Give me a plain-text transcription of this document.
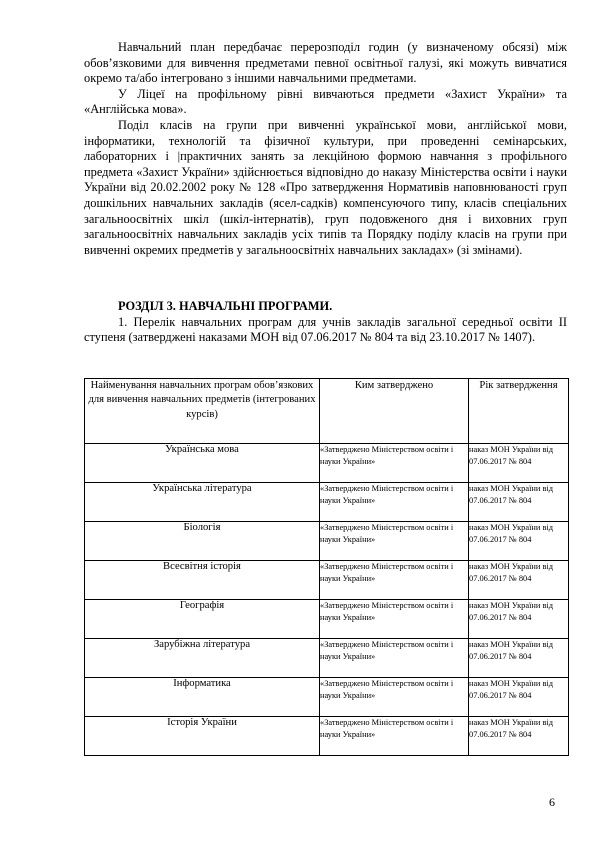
Навчальний план передбачає перерозподіл годин (у визначеному обсязі) між обов’язковими для вивчення предметами певної освітньої галузі, які можуть вивчатися окремо та/або інтегровано з іншими навчальними предметами.

У Ліцеї на профільному рівні вивчаються предмети «Захист України» та «Англійська мова».

Поділ класів на групи при вивченні української мови, англійської мови, інформатики, технологій та фізичної культури, при проведенні семінарських, лабораторних і |практичних занять за лекційною формою навчання з профільного предмета «Захист України» здійснюється відповідно до наказу Міністерства освіти і науки України від 20.02.2002 року № 128 «Про затвердження Нормативів наповнюваності груп дошкільних навчальних закладів (ясел-садків) компенсуючого типу, класів спеціальних загальноосвітніх шкіл (шкіл-інтернатів), груп подовженого дня і виховних груп загальноосвітніх навчальних закладів усіх типів та Порядку поділу класів на групи при вивченні окремих предметів у загальноосвітніх навчальних закладах» (зі змінами).

РОЗДІЛ 3. НАВЧАЛЬНІ ПРОГРАМИ.

1. Перелік навчальних програм для учнів закладів загальної середньої освіти ІІ ступеня (затверджені наказами МОН від 07.06.2017 № 804 та від 23.10.2017 № 1407).

Найменування навчальних програм обов’язкових для вивчення навчальних предметів (інтегрованих курсів)	Ким затверджено	Рік затвердження
Українська мова	«Затверджено Міністерством освіти і науки України»	наказ МОН України від 07.06.2017 № 804
Українська література	«Затверджено Міністерством освіти і науки України»	наказ МОН України від 07.06.2017 № 804
Біологія	«Затверджено Міністерством освіти і науки України»	наказ МОН України від 07.06.2017 № 804
Всесвітня історія	«Затверджено Міністерством освіти і науки України»	наказ МОН України від 07.06.2017 № 804
Географія	«Затверджено Міністерством освіти і науки України»	наказ МОН України від 07.06.2017 № 804
Зарубіжна література	«Затверджено Міністерством освіти і науки України»	наказ МОН України від 07.06.2017 № 804
Інформатика	«Затверджено Міністерством освіти і науки України»	наказ МОН України від 07.06.2017 № 804
Історія України	«Затверджено Міністерством освіти і науки України»	наказ МОН України від 07.06.2017 № 804
6
